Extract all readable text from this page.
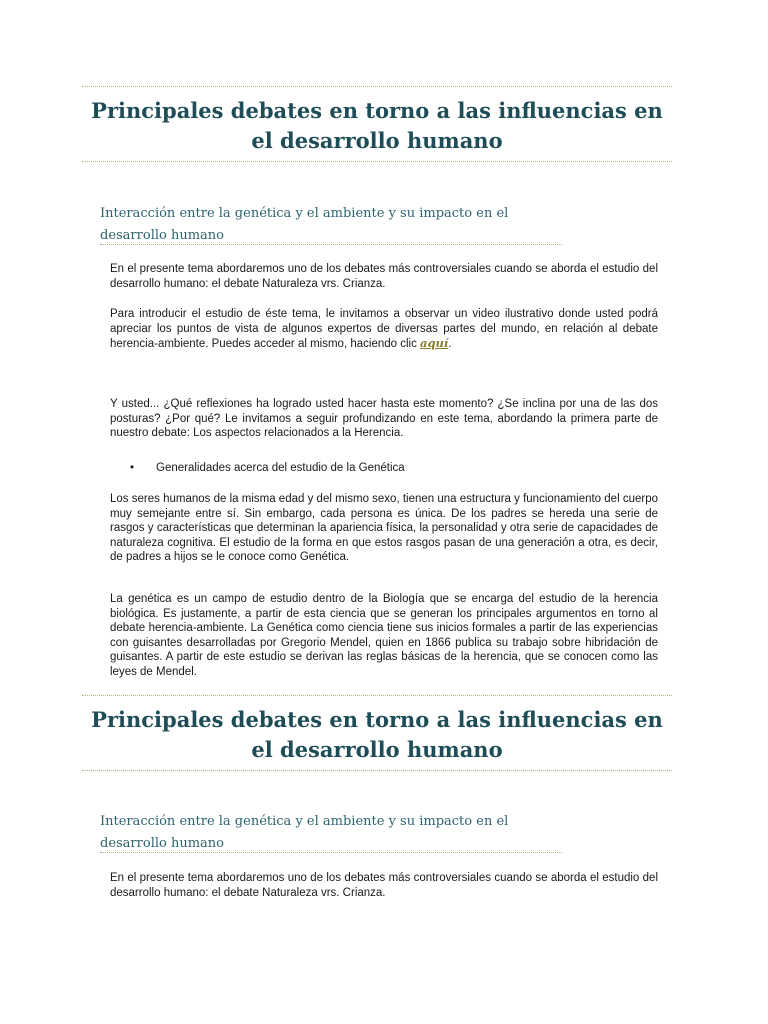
Principales debates en torno a las influencias en el desarrollo humano
Interacción entre la genética y el ambiente y su impacto en el desarrollo humano

En el presente tema abordaremos uno de los debates más controversiales cuando se aborda el estudio del desarrollo humano: el debate Naturaleza vrs. Crianza.

Para introducir el estudio de éste tema, le invitamos a observar un video ilustrativo donde usted podrá apreciar los puntos de vista de algunos expertos de diversas partes del mundo, en relación al debate herencia-ambiente. Puedes acceder al mismo, haciendo clic aquí.

Y usted... ¿Qué reflexiones ha logrado usted hacer hasta este momento? ¿Se inclina por una de las dos posturas? ¿Por qué? Le invitamos a seguir profundizando en este tema, abordando la primera parte de nuestro debate: Los aspectos relacionados a la Herencia.

• Generalidades acerca del estudio de la Genética

Los seres humanos de la misma edad y del mismo sexo, tienen una estructura y funcionamiento del cuerpo muy semejante entre sí. Sin embargo, cada persona es única. De los padres se hereda una serie de rasgos y características que determinan la apariencia física, la personalidad y otra serie de capacidades de naturaleza cognitiva. El estudio de la forma en que estos rasgos pasan de una generación a otra, es decir, de padres a hijos se le conoce como Genética.

La genética es un campo de estudio dentro de la Biología que se encarga del estudio de la herencia biológica. Es justamente, a partir de esta ciencia que se generan los principales argumentos en torno al debate herencia-ambiente. La Genética como ciencia tiene sus inicios formales a partir de las experiencias con guisantes desarrolladas por Gregorio Mendel, quien en 1866 publica su trabajo sobre hibridación de guisantes. A partir de este estudio se derivan las reglas básicas de la herencia, que se conocen como las leyes de Mendel.

Principales debates en torno a las influencias en el desarrollo humano
Interacción entre la genética y el ambiente y su impacto en el desarrollo humano

En el presente tema abordaremos uno de los debates más controversiales cuando se aborda el estudio del desarrollo humano: el debate Naturaleza vrs. Crianza.
